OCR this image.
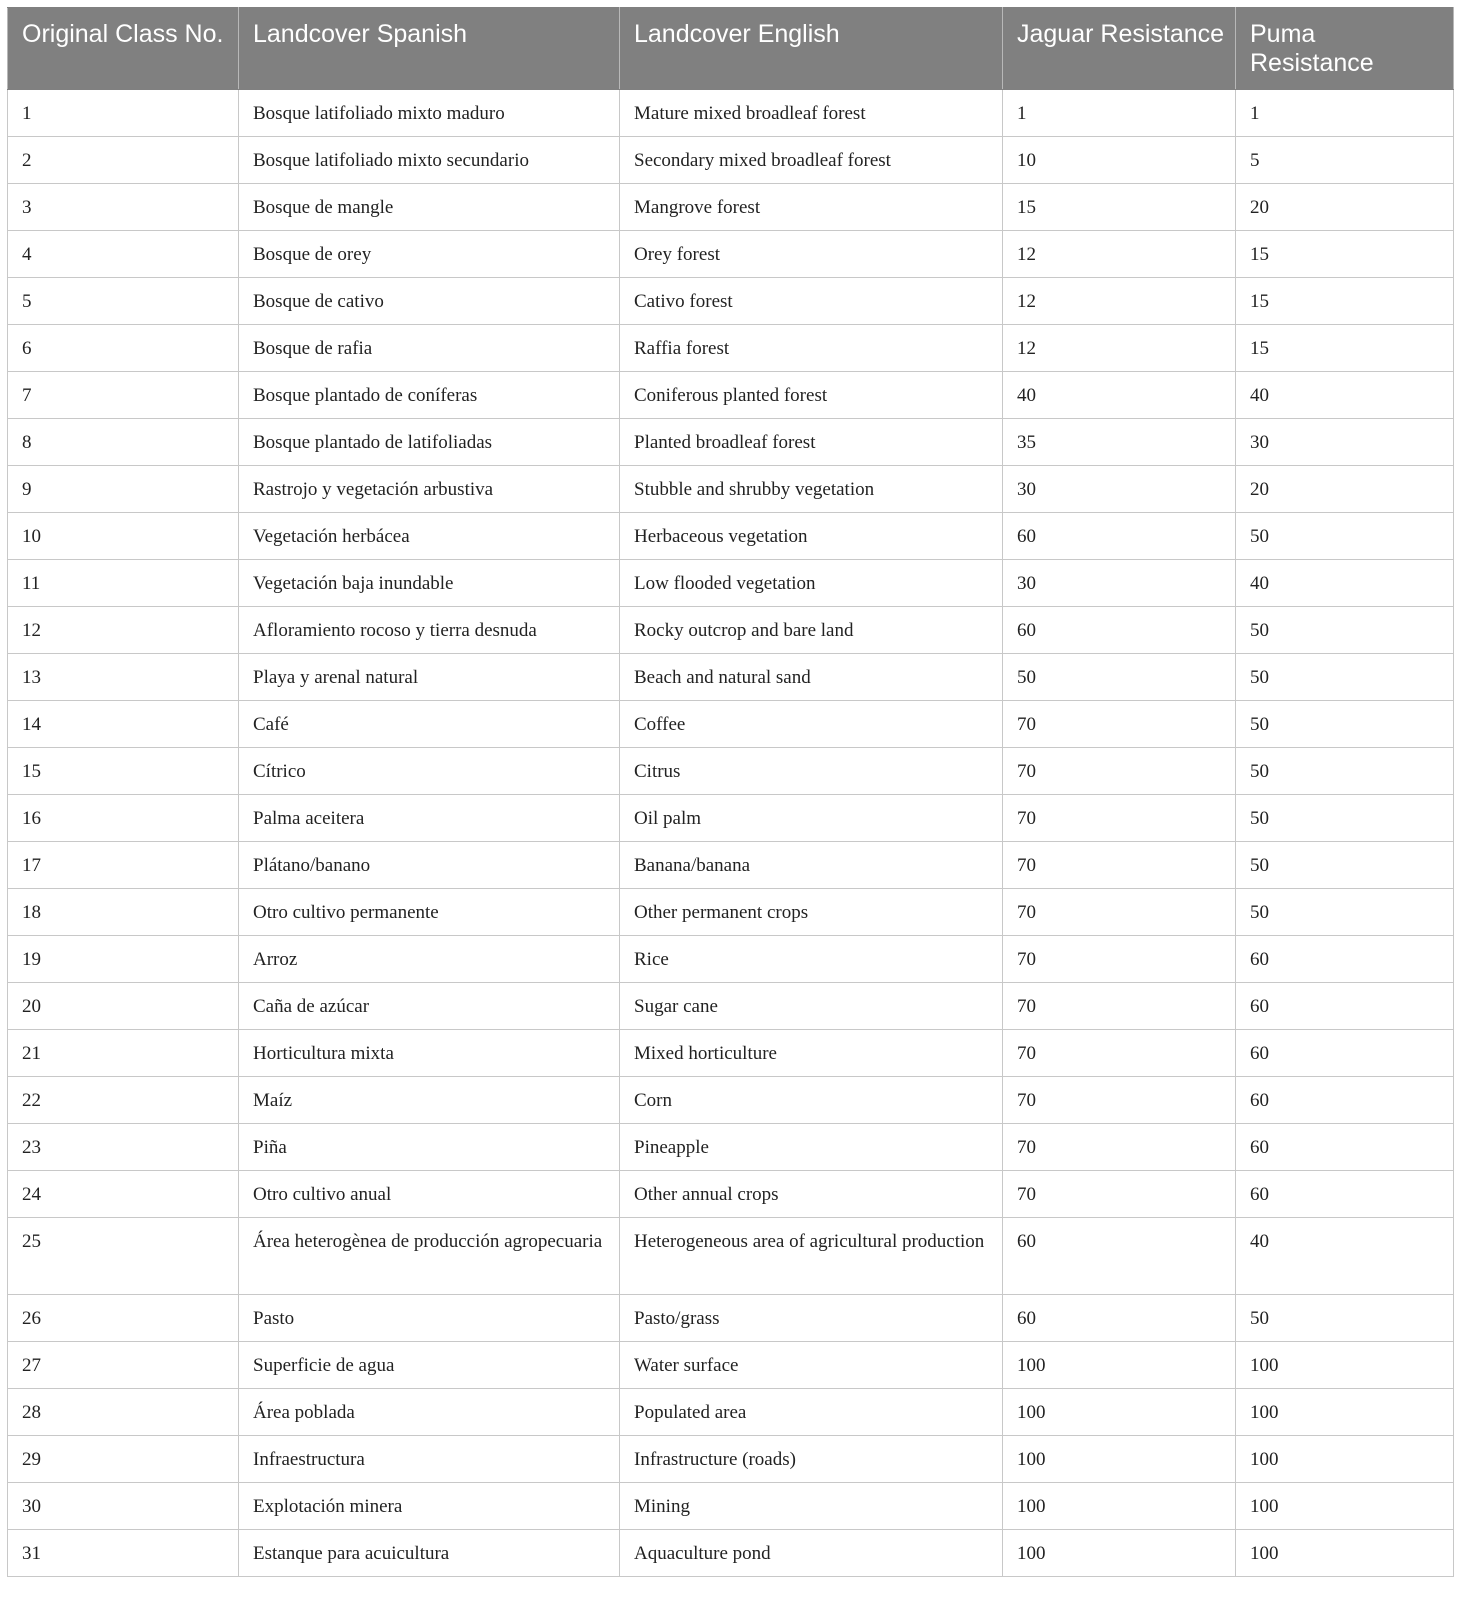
Original Class No.	Landcover Spanish	Landcover English	Jaguar Resistance	Puma Resistance
1	Bosque latifoliado mixto maduro	Mature mixed broadleaf forest	1	1
2	Bosque latifoliado mixto secundario	Secondary mixed broadleaf forest	10	5
3	Bosque de mangle	Mangrove forest	15	20
4	Bosque de orey	Orey forest	12	15
5	Bosque de cativo	Cativo forest	12	15
6	Bosque de rafia	Raffia forest	12	15
7	Bosque plantado de coníferas	Coniferous planted forest	40	40
8	Bosque plantado de latifoliadas	Planted broadleaf forest	35	30
9	Rastrojo y vegetación arbustiva	Stubble and shrubby vegetation	30	20
10	Vegetación herbácea	Herbaceous vegetation	60	50
11	Vegetación baja inundable	Low flooded vegetation	30	40
12	Afloramiento rocoso y tierra desnuda	Rocky outcrop and bare land	60	50
13	Playa y arenal natural	Beach and natural sand	50	50
14	Café	Coffee	70	50
15	Cítrico	Citrus	70	50
16	Palma aceitera	Oil palm	70	50
17	Plátano/banano	Banana/banana	70	50
18	Otro cultivo permanente	Other permanent crops	70	50
19	Arroz	Rice	70	60
20	Caña de azúcar	Sugar cane	70	60
21	Horticultura mixta	Mixed horticulture	70	60
22	Maíz	Corn	70	60
23	Piña	Pineapple	70	60
24	Otro cultivo anual	Other annual crops	70	60
25	Área heterogènea de producción agropecuaria	Heterogeneous area of agricultural production	60	40
26	Pasto	Pasto/grass	60	50
27	Superficie de agua	Water surface	100	100
28	Área poblada	Populated area	100	100
29	Infraestructura	Infrastructure (roads)	100	100
30	Explotación minera	Mining	100	100
31	Estanque para acuicultura	Aquaculture pond	100	100
